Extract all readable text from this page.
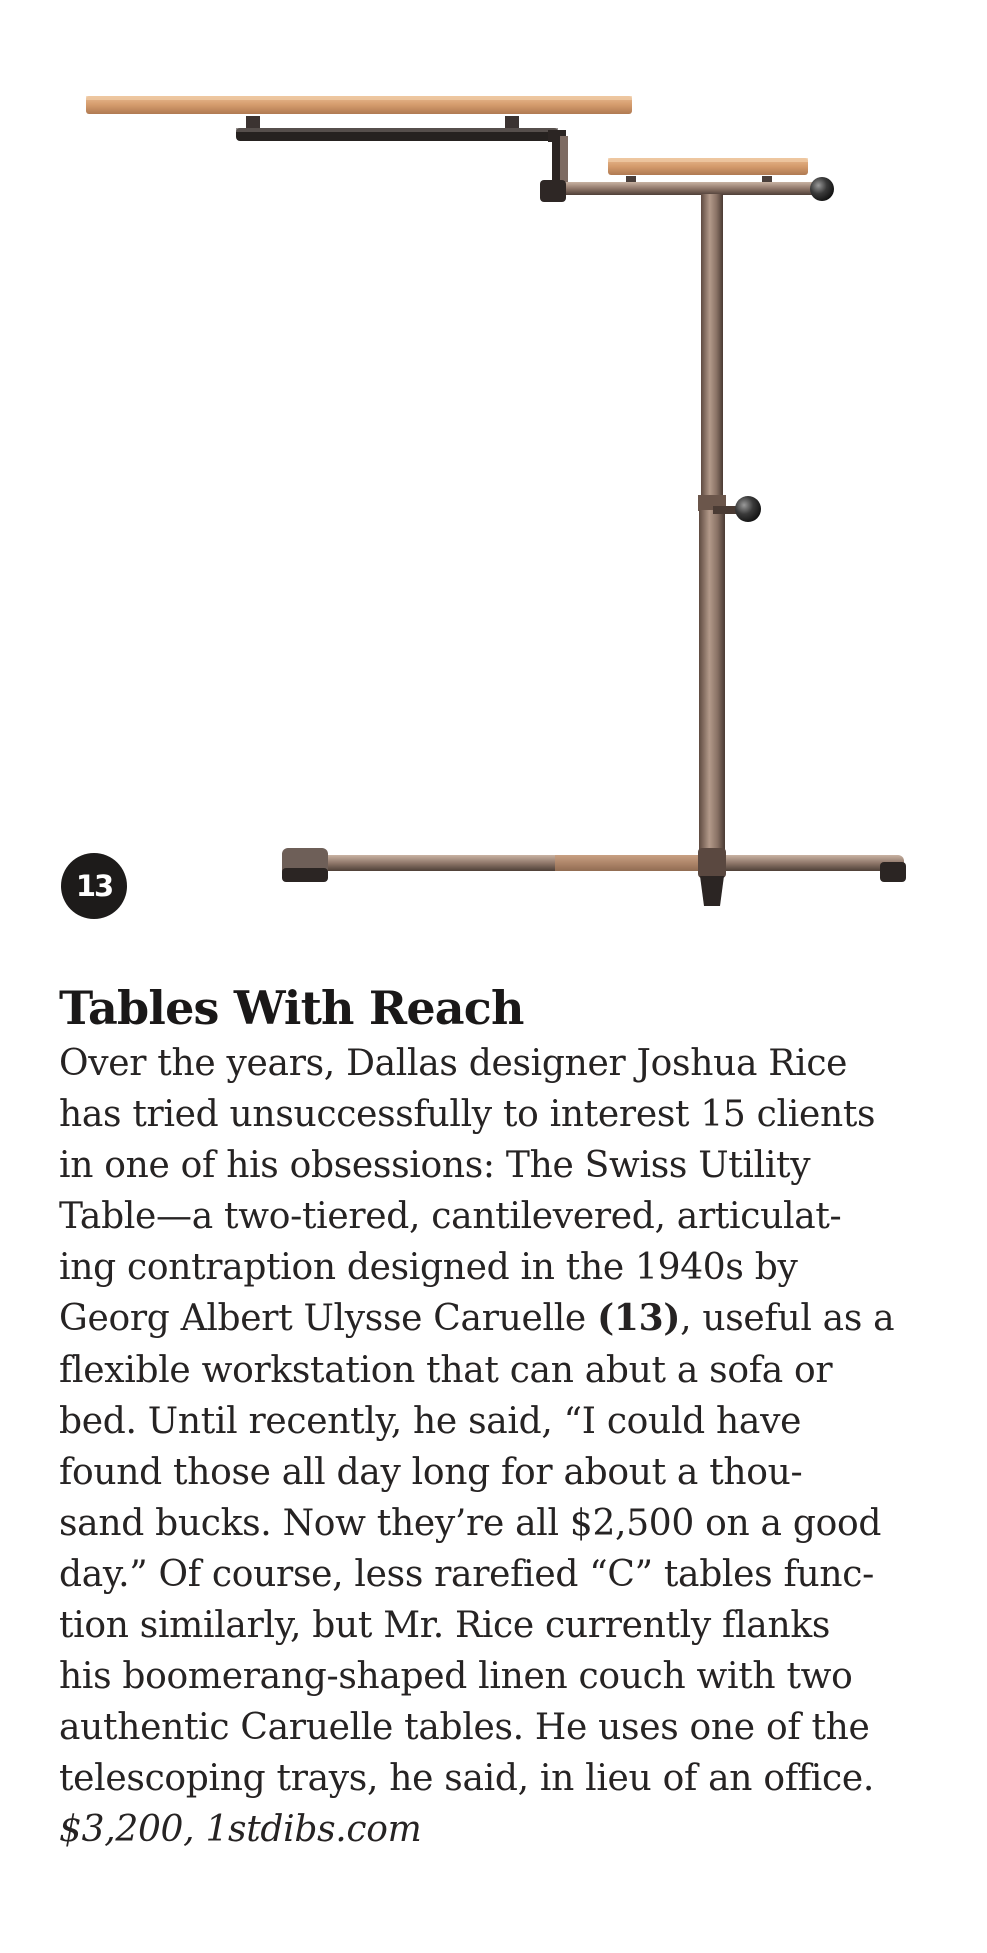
13
Tables With Reach
Over the years, Dallas designer Joshua Rice
has tried unsuccessfully to interest 15 clients
in one of his obsessions: The Swiss Utility
Table—a two-tiered, cantilevered, articulat-
ing contraption designed in the 1940s by
Georg Albert Ulysse Caruelle (13), useful as a
flexible workstation that can abut a sofa or
bed. Until recently, he said, “I could have
found those all day long for about a thou-
sand bucks. Now they’re all $2,500 on a good
day.” Of course, less rarefied “C” tables func-
tion similarly, but Mr. Rice currently flanks
his boomerang-shaped linen couch with two
authentic Caruelle tables. He uses one of the
telescoping trays, he said, in lieu of an office.
$3,200, 1stdibs.com
